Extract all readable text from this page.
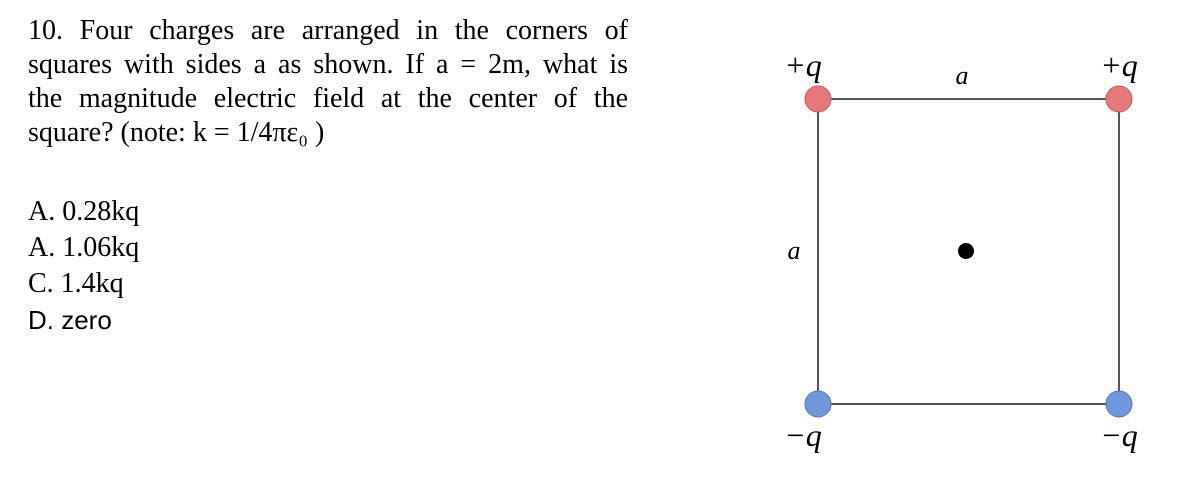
10. Four charges are arranged in the corners of
squares with sides a as shown. If a = 2m, what is
the magnitude electric field at the center of the
square? (note: k = 1/4πε₀ )
A. 0.28kq
A. 1.06kq
C. 1.4kq
D. zero
+q	+q
−q	−q
a
a
